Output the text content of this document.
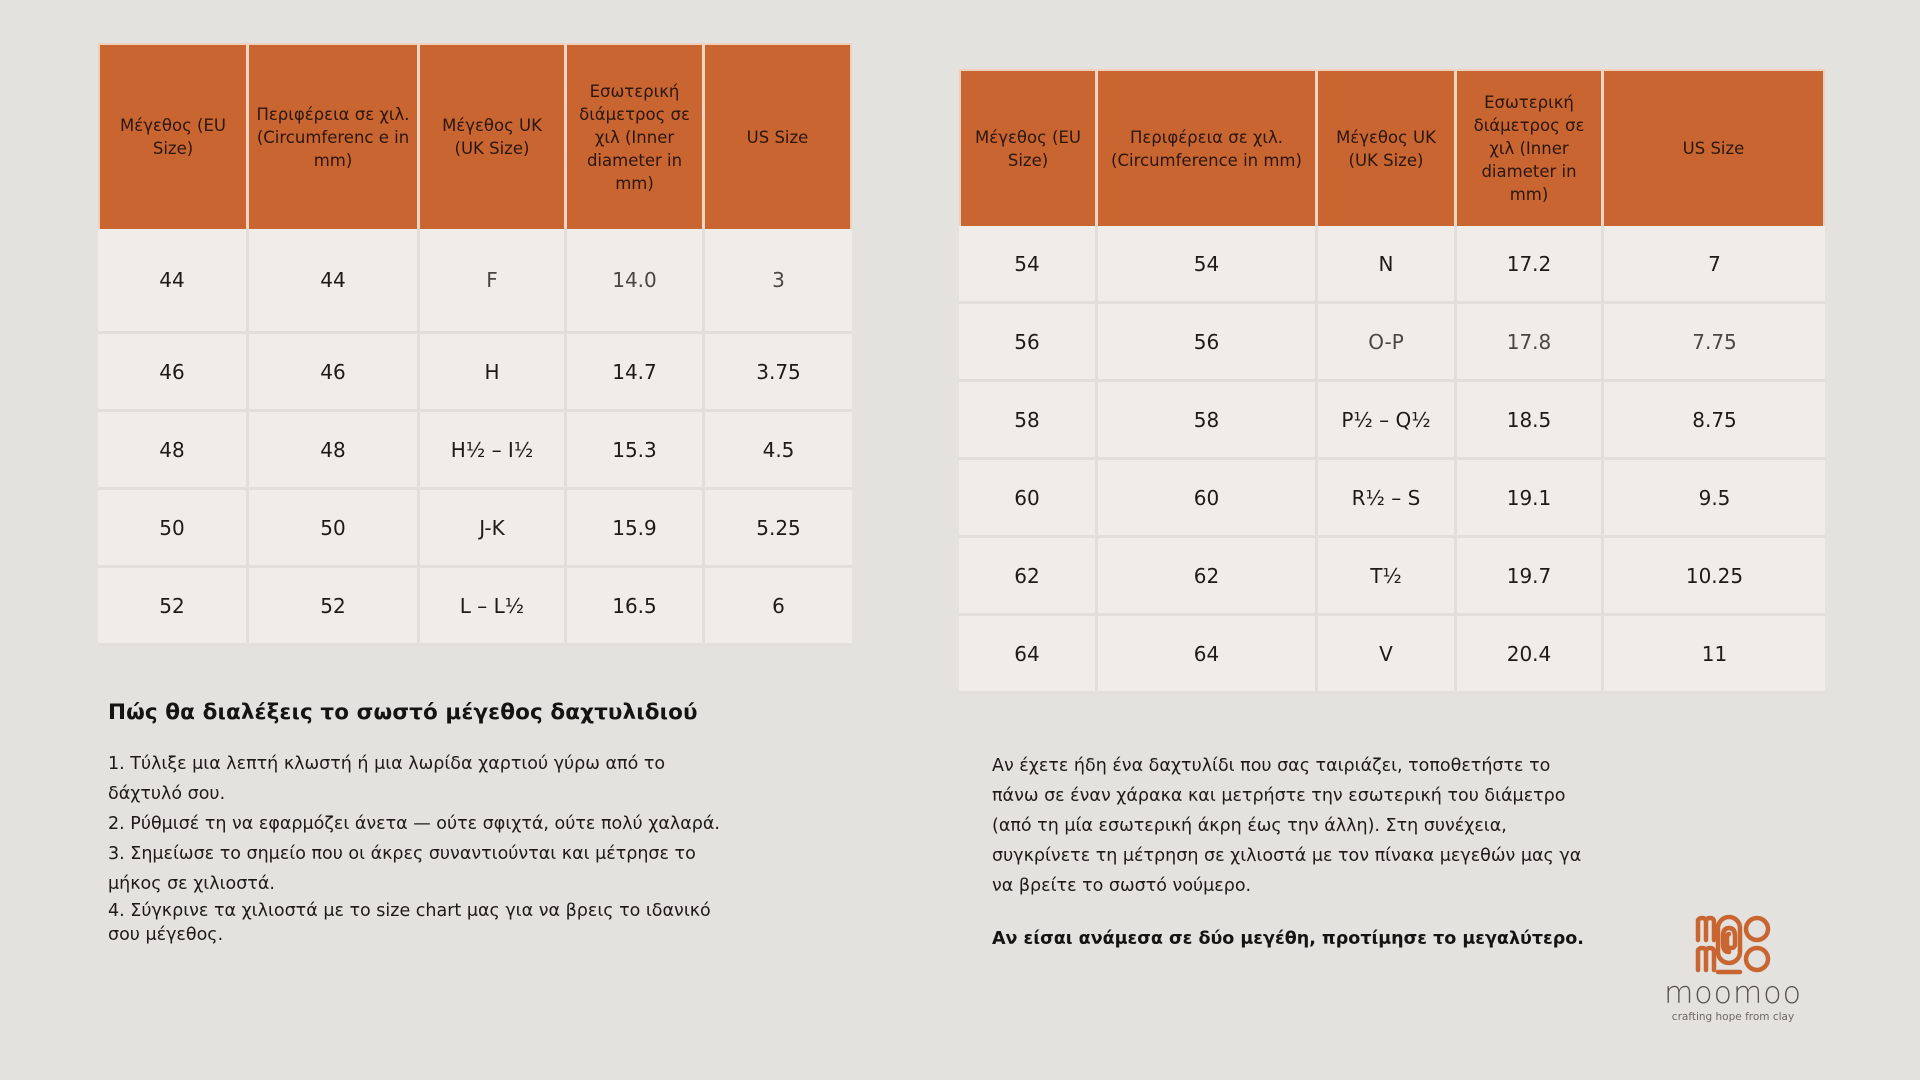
Μέγεθος (EU Size)	Περιφέρεια σε χιλ. (Circumferenc e in mm)	Μέγεθος UK (UK Size)	Εσωτερική διάμετρος σε χιλ (Inner diameter in mm)	US Size
44	44	F	14.0	3
46	46	H	14.7	3.75
48	48	H½ – I½	15.3	4.5
50	50	J-K	15.9	5.25
52	52	L – L½	16.5	6
Μέγεθος (EU Size)	Περιφέρεια σε χιλ. (Circumference in mm)	Μέγεθος UK (UK Size)	Εσωτερική διάμετρος σε χιλ (Inner diameter in mm)	US Size
54	54	N	17.2	7
56	56	O-P	17.8	7.75
58	58	P½ – Q½	18.5	8.75
60	60	R½ – S	19.1	9.5
62	62	T½	19.7	10.25
64	64	V	20.4	11
Πώς θα διαλέξεις το σωστό μέγεθος δαχτυλιδιού
1. Τύλιξε μια λεπτή κλωστή ή μια λωρίδα χαρτιού γύρω από το δάχτυλό σου.
2. Ρύθμισέ τη να εφαρμόζει άνετα — ούτε σφιχτά, ούτε πολύ χαλαρά.
3. Σημείωσε το σημείο που οι άκρες συναντιούνται και μέτρησε το μήκος σε χιλιοστά.
4. Σύγκρινε τα χιλιοστά με το size chart μας για να βρεις το ιδανικό σου μέγεθος.

Αν έχετε ήδη ένα δαχτυλίδι που σας ταιριάζει, τοποθετήστε το πάνω σε έναν χάρακα και μετρήστε την εσωτερική του διάμετρο (από τη μία εσωτερική άκρη έως την άλλη). Στη συνέχεια, συγκρίνετε τη μέτρηση σε χιλιοστά με τον πίνακα μεγεθών μας γα να βρείτε το σωστό νούμερο.

Αν είσαι ανάμεσα σε δύο μεγέθη, προτίμησε το μεγαλύτερο.

moomoo
crafting hope from clay
